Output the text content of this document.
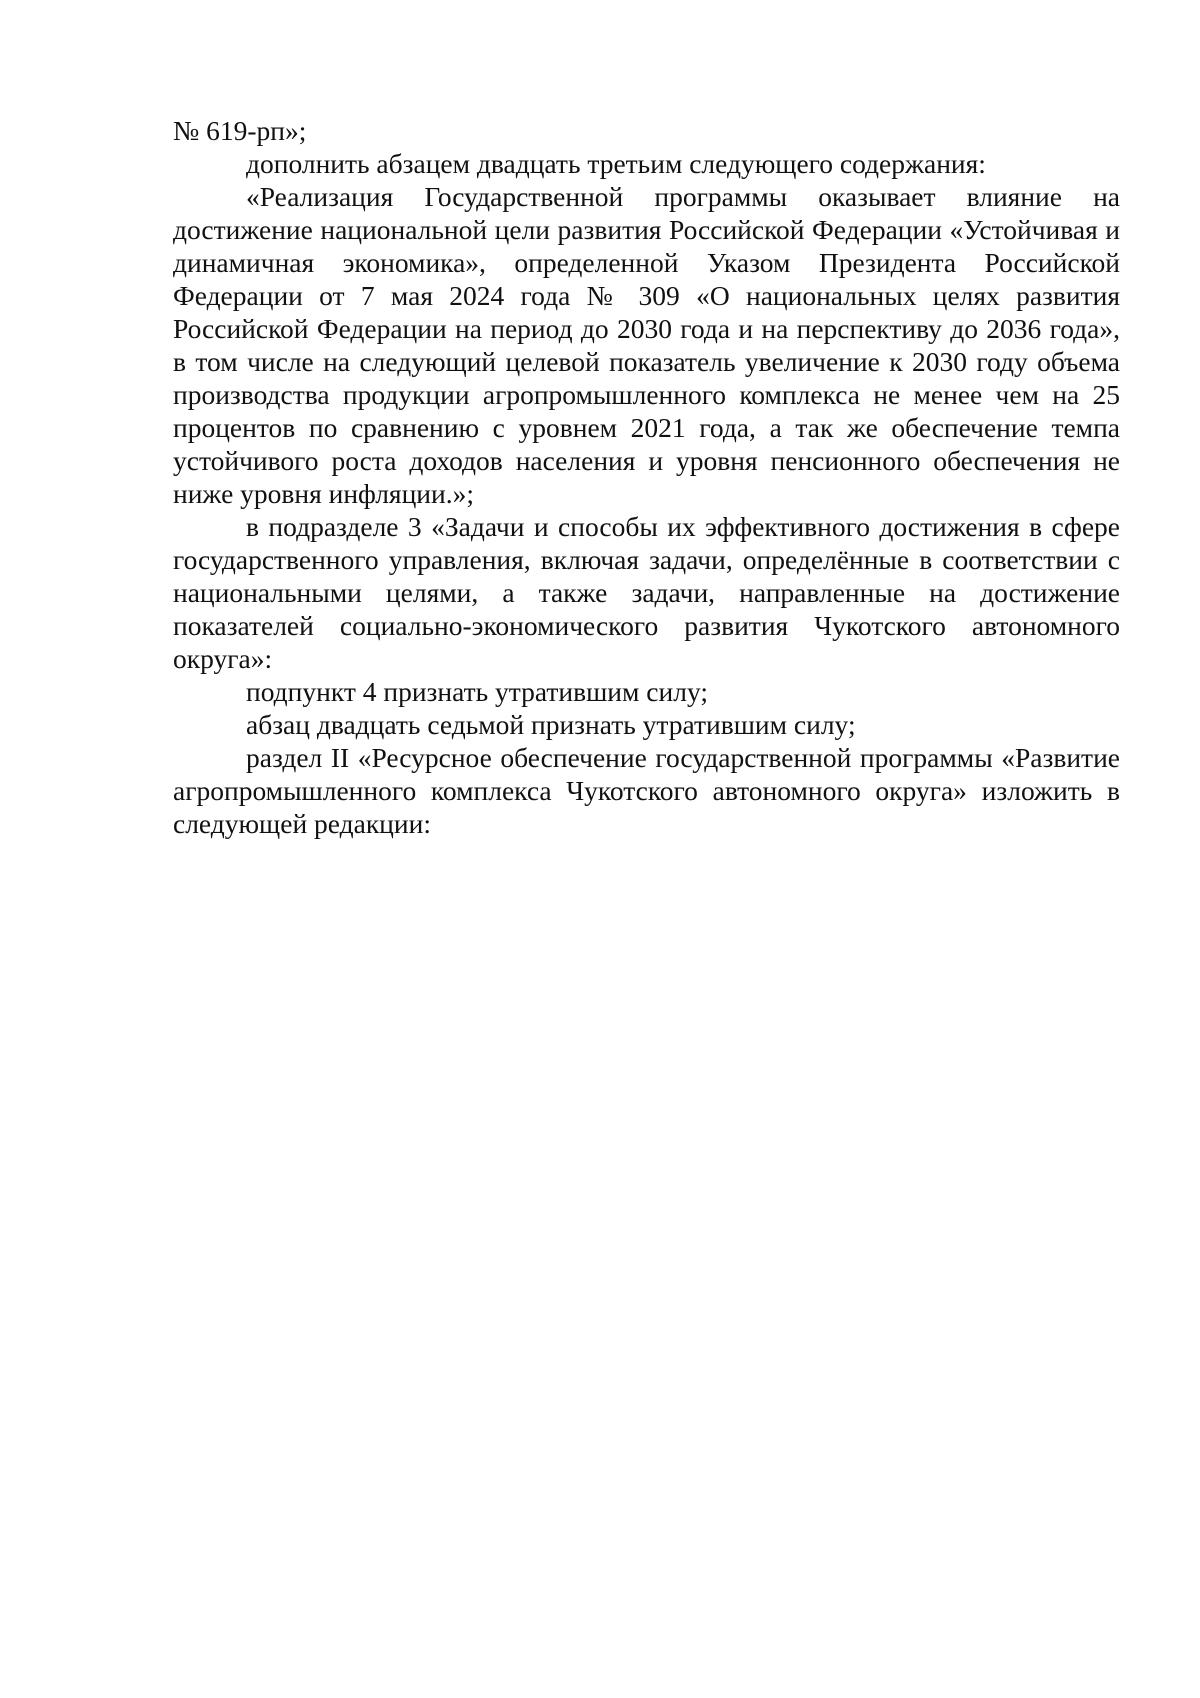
№ 619-рп»;

дополнить абзацем двадцать третьим следующего содержания:

«Реализация Государственной программы оказывает влияние на достижение национальной цели развития Российской Федерации «Устойчивая и динамичная экономика», определенной Указом Президента Российской Федерации от 7 мая 2024 года № 309 «О национальных целях развития Российской Федерации на период до 2030 года и на перспективу до 2036 года», в том числе на следующий целевой показатель увеличение к 2030 году объема производства продукции агропромышленного комплекса не менее чем на 25 процентов по сравнению с уровнем 2021 года, а так же обеспечение темпа устойчивого роста доходов населения и уровня пенсионного обеспечения не ниже уровня инфляции.»;

в подразделе 3 «Задачи и способы их эффективного достижения в сфере государственного управления, включая задачи, определённые в соответствии с национальными целями, а также задачи, направленные на достижение показателей социально-экономического развития Чукотского автономного округа»:

подпункт 4 признать утратившим силу;

абзац двадцать седьмой признать утратившим силу;

раздел II «Ресурсное обеспечение государственной программы «Развитие агропромышленного комплекса Чукотского автономного округа» изложить в следующей редакции:
